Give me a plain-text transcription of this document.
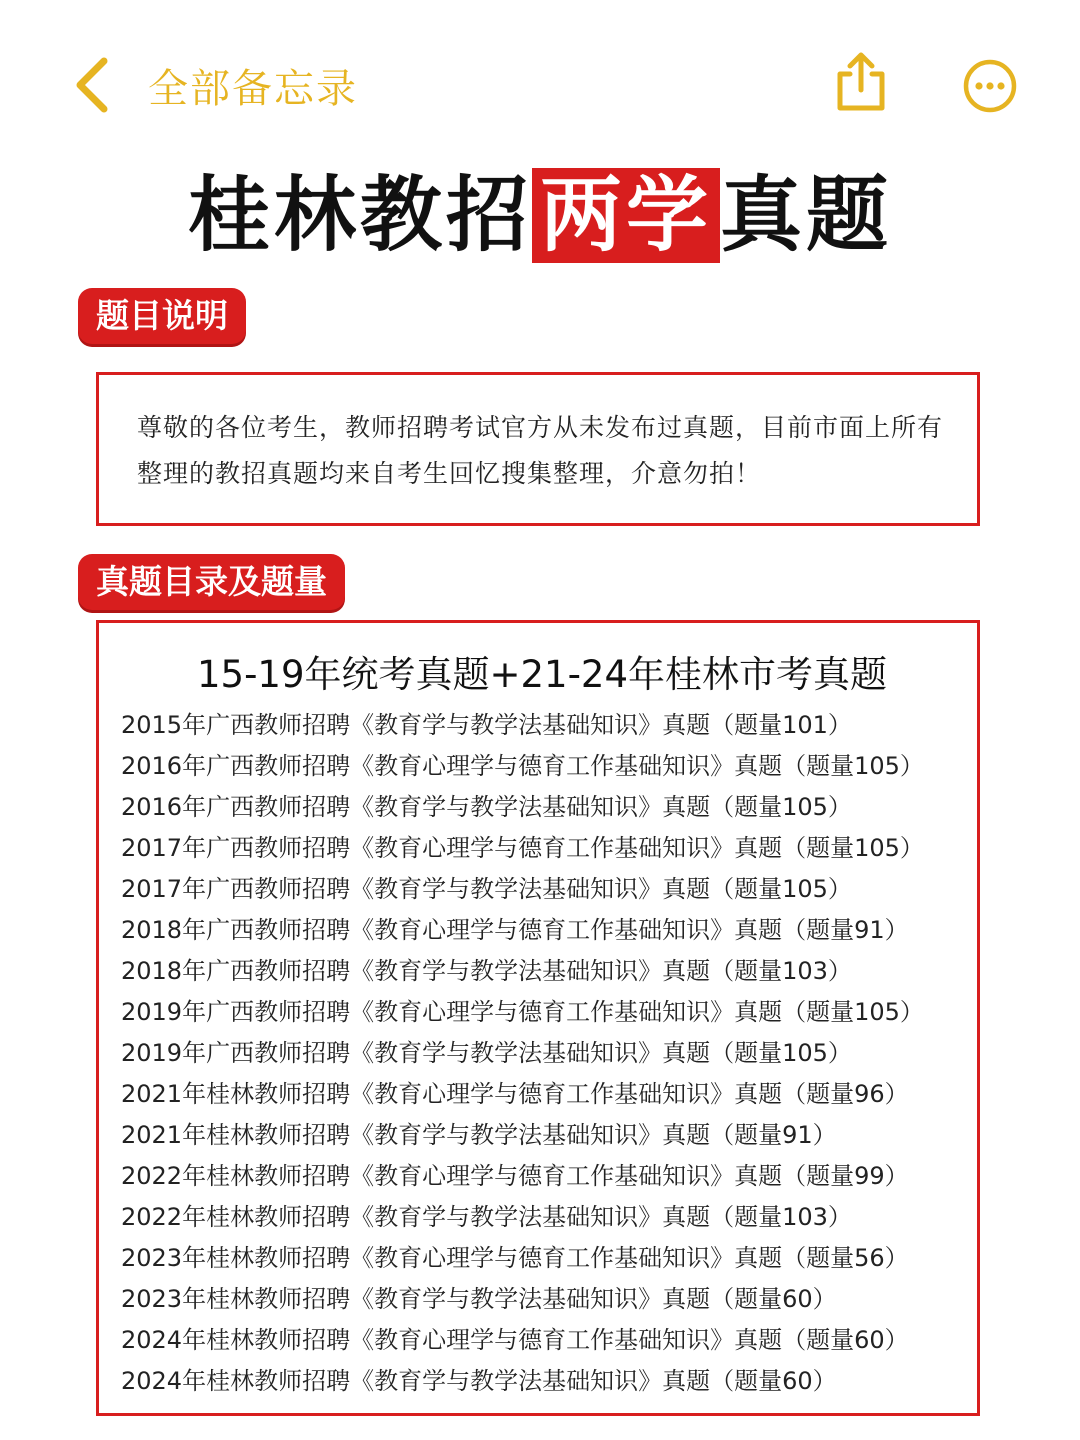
全部备忘录
桂林教招两学真题
题目说明
尊敬的各位考生，教师招聘考试官方从未发布过真题，目前市面上所有整理的教招真题均来自考生回忆搜集整理，介意勿拍！
真题目录及题量
15-19年统考真题+21-24年桂林市考真题
2015年广西教师招聘《教育学与教学法基础知识》真题（题量101）
2016年广西教师招聘《教育心理学与德育工作基础知识》真题（题量105）
2016年广西教师招聘《教育学与教学法基础知识》真题（题量105）
2017年广西教师招聘《教育心理学与德育工作基础知识》真题（题量105）
2017年广西教师招聘《教育学与教学法基础知识》真题（题量105）
2018年广西教师招聘《教育心理学与德育工作基础知识》真题（题量91）
2018年广西教师招聘《教育学与教学法基础知识》真题（题量103）
2019年广西教师招聘《教育心理学与德育工作基础知识》真题（题量105）
2019年广西教师招聘《教育学与教学法基础知识》真题（题量105）
2021年桂林教师招聘《教育心理学与德育工作基础知识》真题（题量96）
2021年桂林教师招聘《教育学与教学法基础知识》真题（题量91）
2022年桂林教师招聘《教育心理学与德育工作基础知识》真题（题量99）
2022年桂林教师招聘《教育学与教学法基础知识》真题（题量103）
2023年桂林教师招聘《教育心理学与德育工作基础知识》真题（题量56）
2023年桂林教师招聘《教育学与教学法基础知识》真题（题量60）
2024年桂林教师招聘《教育心理学与德育工作基础知识》真题（题量60）
2024年桂林教师招聘《教育学与教学法基础知识》真题（题量60）
